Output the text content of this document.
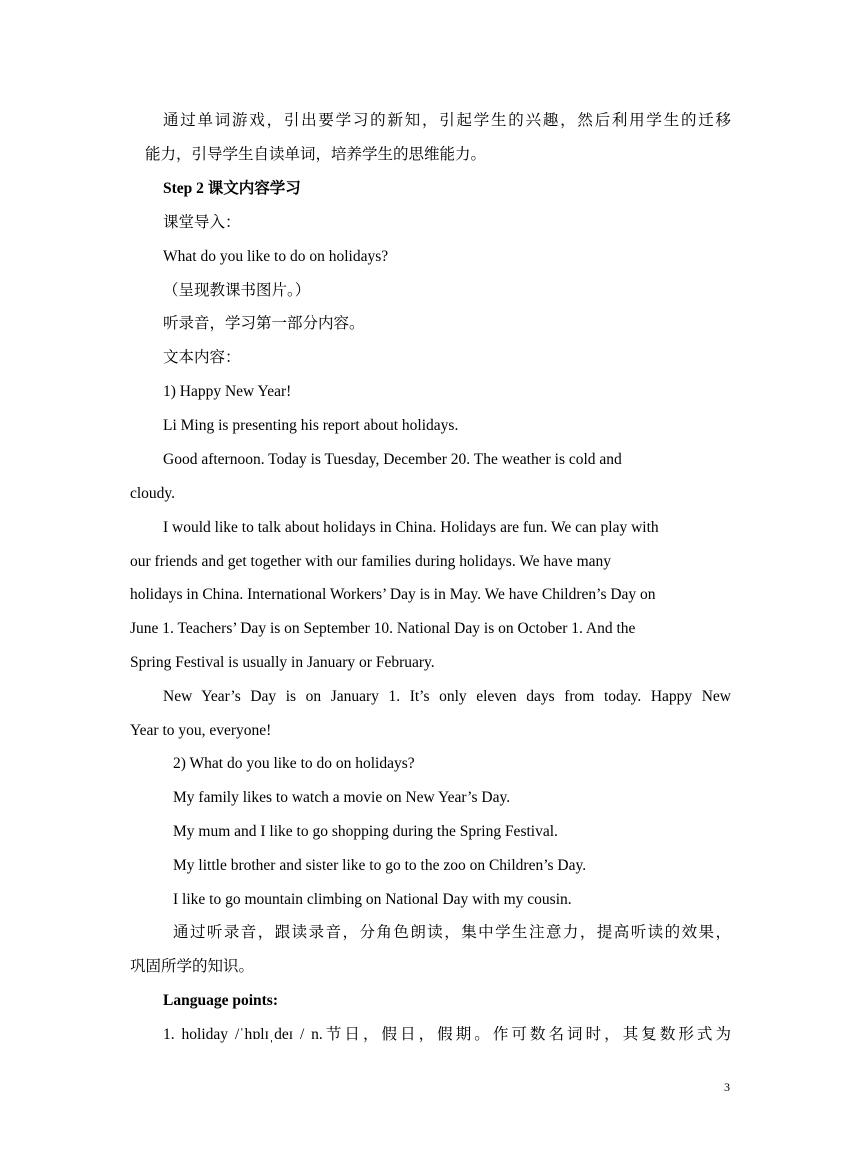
通过单词游戏，引出要学习的新知，引起学生的兴趣，然后利用学生的迁移
能力，引导学生自读单词，培养学生的思维能力。
Step 2 课文内容学习
课堂导入：
What do you like to do on holidays?
（呈现教课书图片。）
听录音，学习第一部分内容。
文本内容：
1) Happy New Year!
Li Ming is presenting his report about holidays.
Good afternoon. Today is Tuesday, December 20. The weather is cold and
cloudy.
I would like to talk about holidays in China. Holidays are fun. We can play with
our friends and get together with our families during holidays. We have many
holidays in China. International Workers’ Day is in May. We have Children’s Day on
June 1. Teachers’ Day is on September 10. National Day is on October 1. And the
Spring Festival is usually in January or February.
New Year’s Day is on January 1. It’s only eleven days from today. Happy New
Year to you, everyone!
2) What do you like to do on holidays?
My family likes to watch a movie on New Year’s Day.
My mum and I like to go shopping during the Spring Festival.
My little brother and sister like to go to the zoo on Children’s Day.
I like to go mountain climbing on National Day with my cousin.
通过听录音，跟读录音，分角色朗读，集中学生注意力，提高听读的效果，
巩固所学的知识。
Language points:
1. holiday /ˈhɒlɪˌdeɪ / n.节日，假日，假期。作可数名词时，其复数形式为
3
